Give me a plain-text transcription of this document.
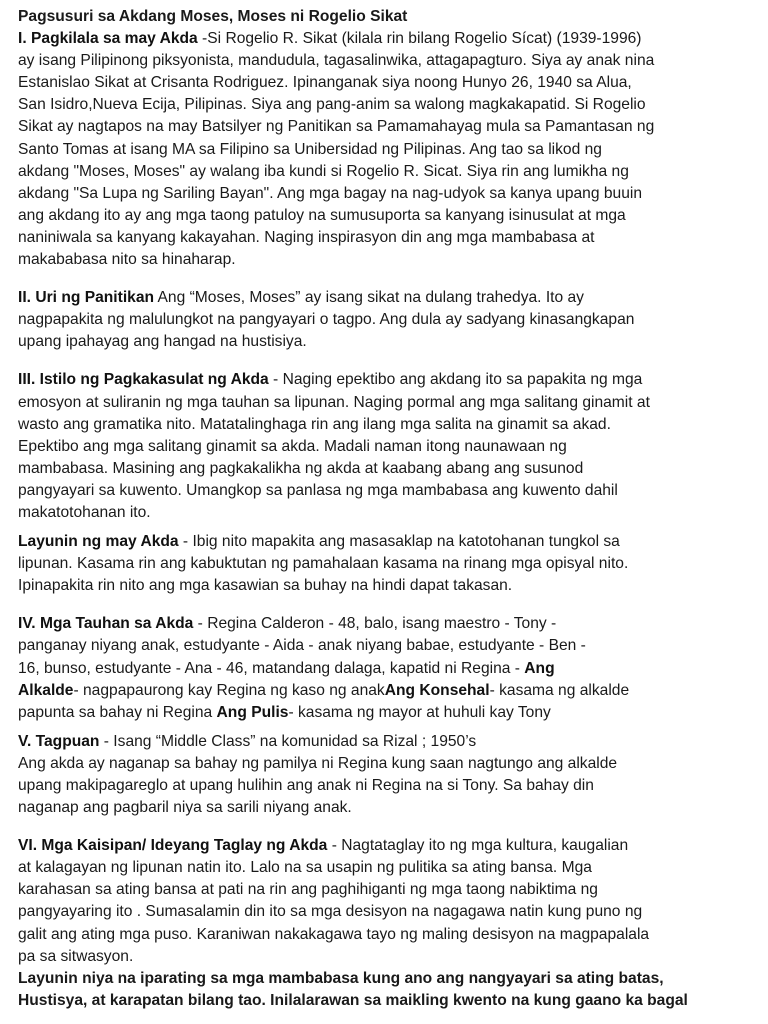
Pagsusuri sa Akdang Moses, Moses ni Rogelio Sikat

I. Pagkilala sa may Akda -Si Rogelio R. Sikat (kilala rin bilang Rogelio Sícat) (1939-1996)
ay isang Pilipinong piksyonista, mandudula, tagasalinwika, attagapagturo. Siya ay anak nina
Estanislao Sikat at Crisanta Rodriguez. Ipinanganak siya noong Hunyo 26, 1940 sa Alua,
San Isidro,Nueva Ecija, Pilipinas. Siya ang pang-anim sa walong magkakapatid. Si Rogelio
Sikat ay nagtapos na may Batsilyer ng Panitikan sa Pamamahayag mula sa Pamantasan ng
Santo Tomas at isang MA sa Filipino sa Unibersidad ng Pilipinas. Ang tao sa likod ng
akdang "Moses, Moses" ay walang iba kundi si Rogelio R. Sicat. Siya rin ang lumikha ng
akdang "Sa Lupa ng Sariling Bayan". Ang mga bagay na nag-udyok sa kanya upang buuin
ang akdang ito ay ang mga taong patuloy na sumusuporta sa kanyang isinusulat at mga
naniniwala sa kanyang kakayahan. Naging inspirasyon din ang mga mambabasa at
makababasa nito sa hinaharap.

II. Uri ng Panitikan Ang “Moses, Moses” ay isang sikat na dulang trahedya. Ito ay
nagpapakita ng malulungkot na pangyayari o tagpo. Ang dula ay sadyang kinasangkapan
upang ipahayag ang hangad na hustisiya.

III. Istilo ng Pagkakasulat ng Akda - Naging epektibo ang akdang ito sa papakita ng mga
emosyon at suliranin ng mga tauhan sa lipunan. Naging pormal ang mga salitang ginamit at
wasto ang gramatika nito. Matatalinghaga rin ang ilang mga salita na ginamit sa akad.
Epektibo ang mga salitang ginamit sa akda. Madali naman itong naunawaan ng
mambabasa. Masining ang pagkakalikha ng akda at kaabang abang ang susunod
pangyayari sa kuwento. Umangkop sa panlasa ng mga mambabasa ang kuwento dahil
makatotohanan ito.

Layunin ng may Akda - Ibig nito mapakita ang masasaklap na katotohanan tungkol sa
lipunan. Kasama rin ang kabuktutan ng pamahalaan kasama na rinang mga opisyal nito.
Ipinapakita rin nito ang mga kasawian sa buhay na hindi dapat takasan.

IV. Mga Tauhan sa Akda - Regina Calderon - 48, balo, isang maestro - Tony -
panganay niyang anak, estudyante - Aida - anak niyang babae, estudyante - Ben -
16, bunso, estudyante - Ana - 46, matandang dalaga, kapatid ni Regina - Ang
Alkalde- nagpapaurong kay Regina ng kaso ng anakAng Konsehal- kasama ng alkalde
papunta sa bahay ni Regina Ang Pulis- kasama ng mayor at huhuli kay Tony

V. Tagpuan - Isang “Middle Class” na komunidad sa Rizal ; 1950’s
Ang akda ay naganap sa bahay ng pamilya ni Regina kung saan nagtungo ang alkalde
upang makipagareglo at upang hulihin ang anak ni Regina na si Tony. Sa bahay din
naganap ang pagbaril niya sa sarili niyang anak.

VI. Mga Kaisipan/ Ideyang Taglay ng Akda - Nagtataglay ito ng mga kultura, kaugalian
at kalagayan ng lipunan natin ito. Lalo na sa usapin ng pulitika sa ating bansa. Mga
karahasan sa ating bansa at pati na rin ang paghihiganti ng mga taong nabiktima ng
pangyayaring ito . Sumasalamin din ito sa mga desisyon na nagagawa natin kung puno ng
galit ang ating mga puso. Karaniwan nakakagawa tayo ng maling desisyon na magpapalala
pa sa sitwasyon.

Layunin niya na iparating sa mga mambabasa kung ano ang nangyayari sa ating batas,
Hustisya, at karapatan bilang tao. Inilalarawan sa maikling kwento na kung gaano ka bagal
